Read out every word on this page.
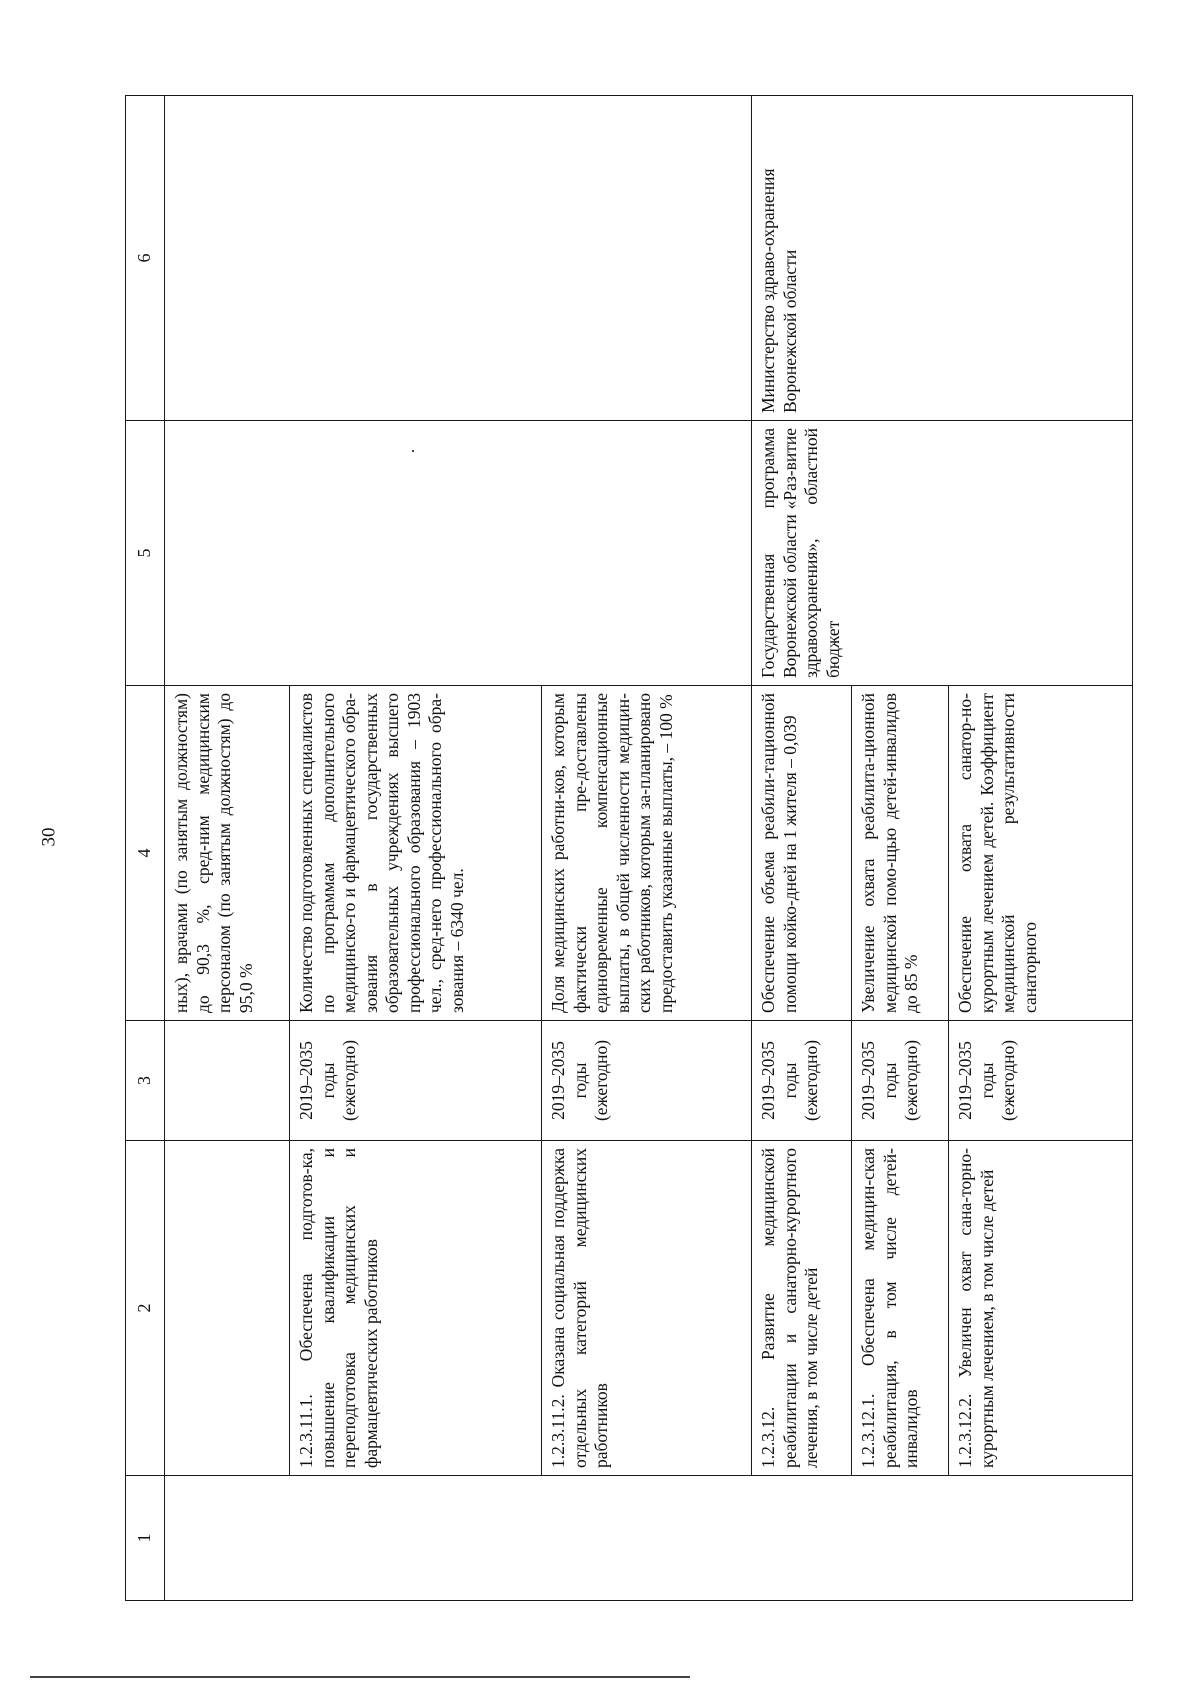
30
1	2	3	4	5	6

			ных), врачами (по занятым должностям) до 90,3 %, сред-ним медицинским персоналом (по занятым должностям) до 95,0 %		

	1.2.3.11.1. Обеспечена подготов-ка, повышение квалификации и переподготовка медицинских и фармацевтических работников	2019–2035 годы (ежегодно)	Количество подготовленных специалистов по программам дополнительного медицинско-го и фармацевтического обра-зования в государственных образовательных учреждениях высшего профессионального образования – 1903 чел., сред-него профессионального обра-зования – 6340 чел.		
	1.2.3.11.2. Оказана социальная поддержка отдельных категорий медицинских работников	2019–2035 годы (ежегодно)	Доля медицинских работни-ков, которым фактически пре-доставлены единовременные компенсационные выплаты, в общей численности медицин-ских работников, которым за-планировано предоставить указанные выплаты, – 100 %		
	1.2.3.12. Развитие медицинской реабилитации и санаторно-курортного лечения, в том числе детей	2019–2035 годы (ежегодно)	Обеспечение объема реабили-тационной помощи койко-дней на 1 жителя – 0,039	Государственная программа Воронежской области «Раз-витие здравоохранения», областной бюджет	Министерство здраво-охранения Воронежской области
	1.2.3.12.1. Обеспечена медицин-ская реабилитация, в том числе детей-инвалидов	2019–2035 годы (ежегодно)	Увеличение охвата реабилита-ционной медицинской помо-щью детей-инвалидов до 85 %		
	1.2.3.12.2. Увеличен охват сана-торно-курортным лечением, в том числе детей	2019–2035 годы (ежегодно)	Обеспечение охвата санатор-но-курортным лечением детей. Коэффициент медицинской результативности санаторного		
